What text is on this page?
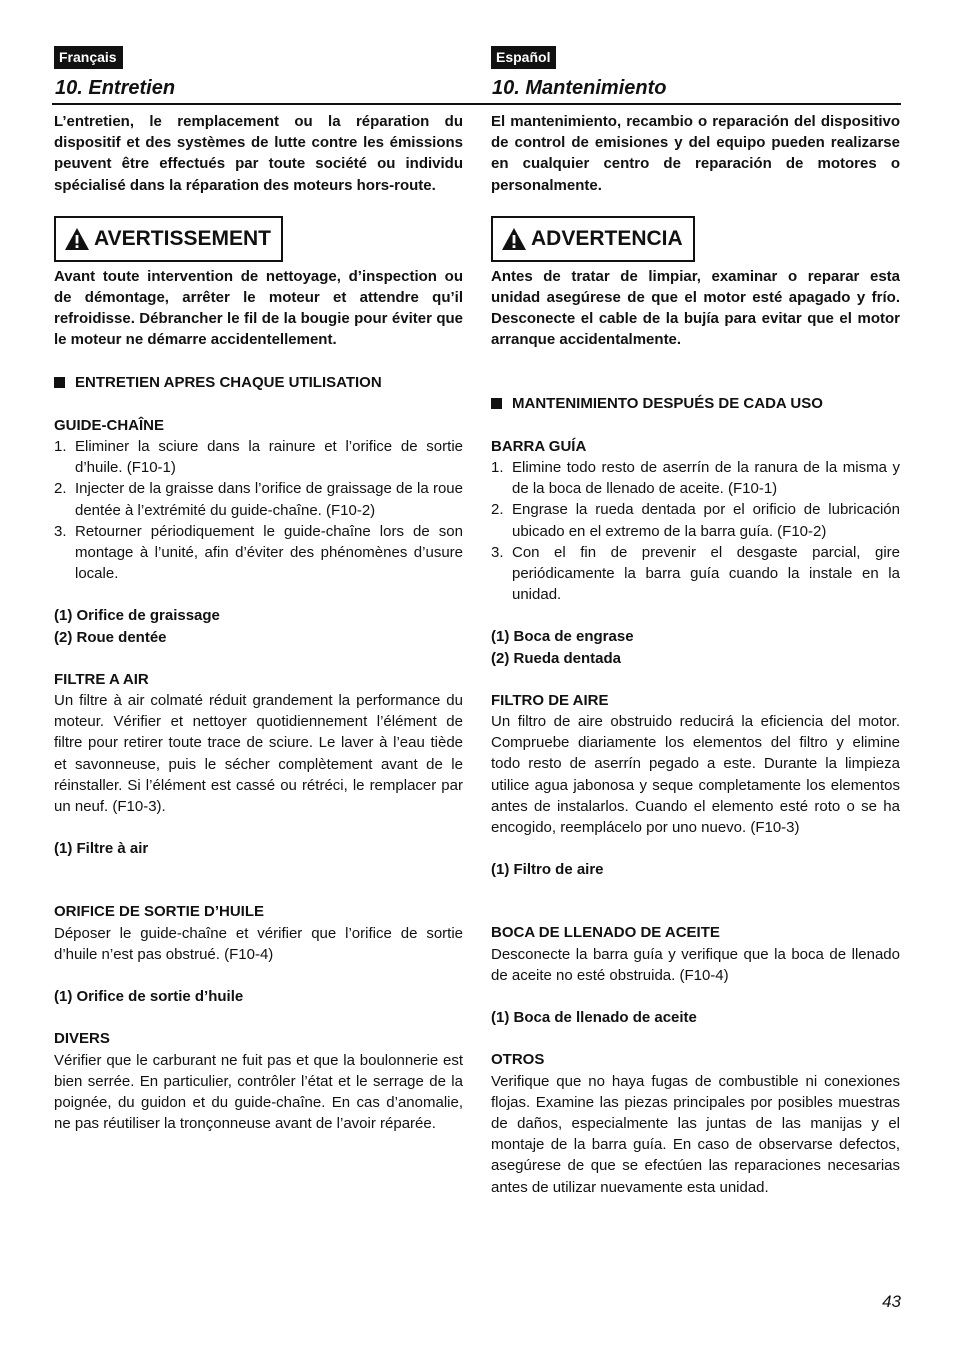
Français
10. Entretien

L’entretien, le remplacement ou la réparation du dispositif et des systèmes de lutte contre les émissions peuvent être effectués par toute société ou individu spécialisé dans la réparation des moteurs hors-route.

AVERTISSEMENT

Avant toute intervention de nettoyage, d’inspection ou de démontage, arrêter le moteur et attendre qu’il refroidisse. Débrancher le fil de la bougie pour éviter que le moteur ne démarre accidentellement.

ENTRETIEN APRES CHAQUE UTILISATION
GUIDE-CHAÎNE
1. Eliminer la sciure dans la rainure et l’orifice de sortie d’huile. (F10-1)
2. Injecter de la graisse dans l’orifice de graissage de la roue dentée à l’extrémité du guide-chaîne. (F10-2)
3. Retourner périodiquement le guide-chaîne lors de son montage à l’unité, afin d’éviter des phénomènes d’usure locale.
(1) Orifice de graissage
(2) Roue dentée
FILTRE A AIR

Un filtre à air colmaté réduit grandement la performance du moteur. Vérifier et nettoyer quotidiennement l’élément de filtre pour retirer toute trace de sciure. Le laver à l’eau tiède et savonneuse, puis le sécher complètement avant de le réinstaller. Si l’élément est cassé ou rétréci, le remplacer par un neuf. (F10-3).

(1) Filtre à air
ORIFICE DE SORTIE D’HUILE

Déposer le guide-chaîne et vérifier que l’orifice de sortie d’huile n’est pas obstrué. (F10-4)

(1) Orifice de sortie d’huile
DIVERS

Vérifier que le carburant ne fuit pas et que la boulonnerie est bien serrée. En particulier, contrôler l’état et le serrage de la poignée, du guidon et du guide-chaîne. En cas d’anomalie, ne pas réutiliser la tronçonneuse avant de l’avoir réparée.

Español
10. Mantenimiento

El mantenimiento, recambio o reparación del dispositivo de control de emisiones y del equipo pueden realizarse en cualquier centro de reparación de motores o personalmente.

ADVERTENCIA

Antes de tratar de limpiar, examinar o reparar esta unidad asegúrese de que el motor esté apagado y frío. Desconecte el cable de la bujía para evitar que el motor arranque accidentalmente.

MANTENIMIENTO DESPUÉS DE CADA USO
BARRA GUÍA
1. Elimine todo resto de aserrín de la ranura de la misma y de la boca de llenado de aceite. (F10-1)
2. Engrase la rueda dentada por el orificio de lubricación ubicado en el extremo de la barra guía. (F10-2)
3. Con el fin de prevenir el desgaste parcial, gire periódicamente la barra guía cuando la instale en la unidad.
(1) Boca de engrase
(2) Rueda dentada
FILTRO DE AIRE

Un filtro de aire obstruido reducirá la eficiencia del motor. Compruebe diariamente los elementos del filtro y elimine todo resto de aserrín pegado a este. Durante la limpieza utilice agua jabonosa y seque completamente los elementos antes de instalarlos. Cuando el elemento esté roto o se ha encogido, reemplácelo por uno nuevo. (F10-3)

(1) Filtro de aire
BOCA DE LLENADO DE ACEITE

Desconecte la barra guía y verifique que la boca de llenado de aceite no esté obstruida. (F10-4)

(1) Boca de llenado de aceite
OTROS

Verifique que no haya fugas de combustible ni conexiones flojas. Examine las piezas principales por posibles muestras de daños, especialmente las juntas de las manijas y el montaje de la barra guía. En caso de observarse defectos, asegúrese de que se efectúen las reparaciones necesarias antes de utilizar nuevamente esta unidad.

43
